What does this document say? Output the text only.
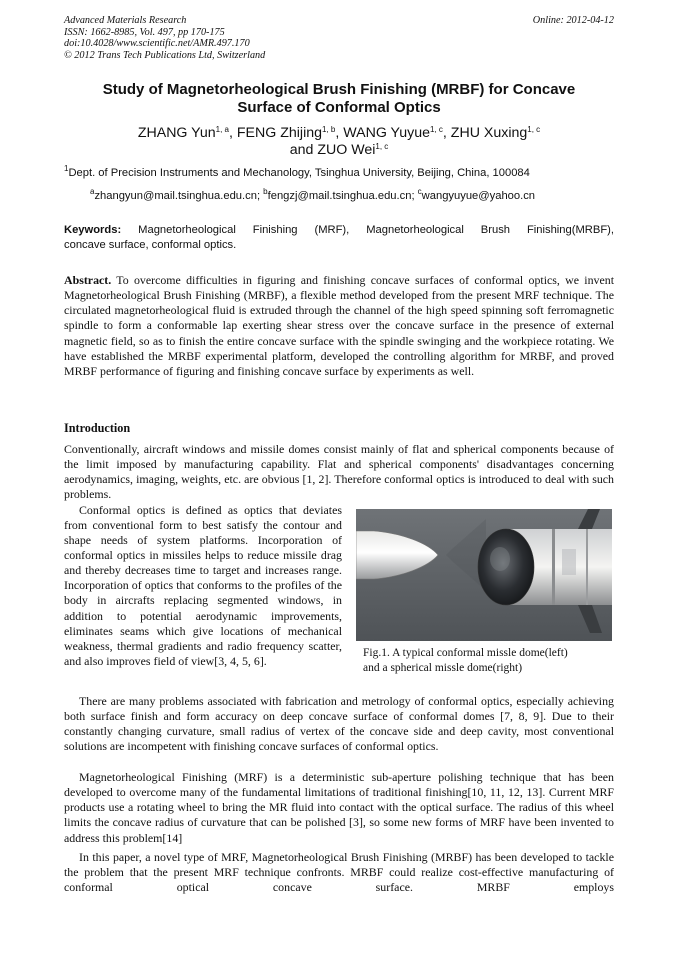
Advanced Materials Research
ISSN: 1662-8985, Vol. 497, pp 170-175
doi:10.4028/www.scientific.net/AMR.497.170
© 2012 Trans Tech Publications Ltd, Switzerland
Online: 2012-04-12
Study of Magnetorheological Brush Finishing (MRBF) for Concave
Surface of Conformal Optics
ZHANG Yun$^{1, a}$, FENG Zhijing$^{1, b}$, WANG Yuyue$^{1, c}$, ZHU Xuxing$^{1, c}$
and ZUO Wei$^{1, c}$
$^1$Dept. of Precision Instruments and Mechanology, Tsinghua University, Beijing, China, 100084
$^a$zhangyun@mail.tsinghua.edu.cn; $^b$fengzj@mail.tsinghua.edu.cn; $^c$wangyuyue@yahoo.cn
Keywords: Magnetorheological Finishing (MRF), Magnetorheological Brush Finishing(MRBF),
concave surface, conformal optics.
Abstract. To overcome difficulties in figuring and finishing concave surfaces of conformal optics, we invent Magnetorheological Brush Finishing (MRBF), a flexible method developed from the present MRF technique. The circulated magnetorheological fluid is extruded through the channel of the high speed spinning soft ferromagnetic spindle to form a conformable lap exerting shear stress over the concave surface in the presence of external magnetic field, so as to finish the entire concave surface with the spindle swinging and the workpiece rotating. We have established the MRBF experimental platform, developed the controlling algorithm for MRBF, and proved MRBF performance of figuring and finishing concave surface by experiments as well.
Introduction
Conventionally, aircraft windows and missile domes consist mainly of flat and spherical components because of the limit imposed by manufacturing capability. Flat and spherical components' disadvantages concerning aerodynamics, imaging, weights, etc. are obvious [1, 2]. Therefore conformal optics is introduced to deal with such problems.
Conformal optics is defined as optics that deviates from conventional form to best satisfy the contour and shape needs of system platforms. Incorporation of conformal optics in missiles helps to reduce missile drag and thereby decreases time to target and increases range. Incorporation of optics that conforms to the profiles of the body in aircrafts replacing segmented windows, in addition to potential aerodynamic improvements, eliminates seams which give locations of mechanical weakness, thermal gradients and radio frequency scatter, and also improves field of view[3, 4, 5, 6].
Fig.1. A typical conformal missle dome(left)
and a spherical missle dome(right)
There are many problems associated with fabrication and metrology of conformal optics, especially achieving both surface finish and form accuracy on deep concave surface of conformal domes [7, 8, 9]. Due to their constantly changing curvature, small radius of vertex of the concave side and deep cavity, most conventional solutions are incompetent with finishing concave surfaces of conformal optics.
Magnetorheological Finishing (MRF) is a deterministic sub-aperture polishing technique that has been developed to overcome many of the fundamental limitations of traditional finishing[10, 11, 12, 13]. Current MRF products use a rotating wheel to bring the MR fluid into contact with the optical surface. The radius of this wheel limits the concave radius of curvature that can be polished [3], so some new forms of MRF have been invented to address this problem[14]
In this paper, a novel type of MRF, Magnetorheological Brush Finishing (MRBF) has been developed to tackle the problem that the present MRF technique confronts. MRBF could realize cost-effective manufacturing of conformal optical concave surface. MRBF employs
